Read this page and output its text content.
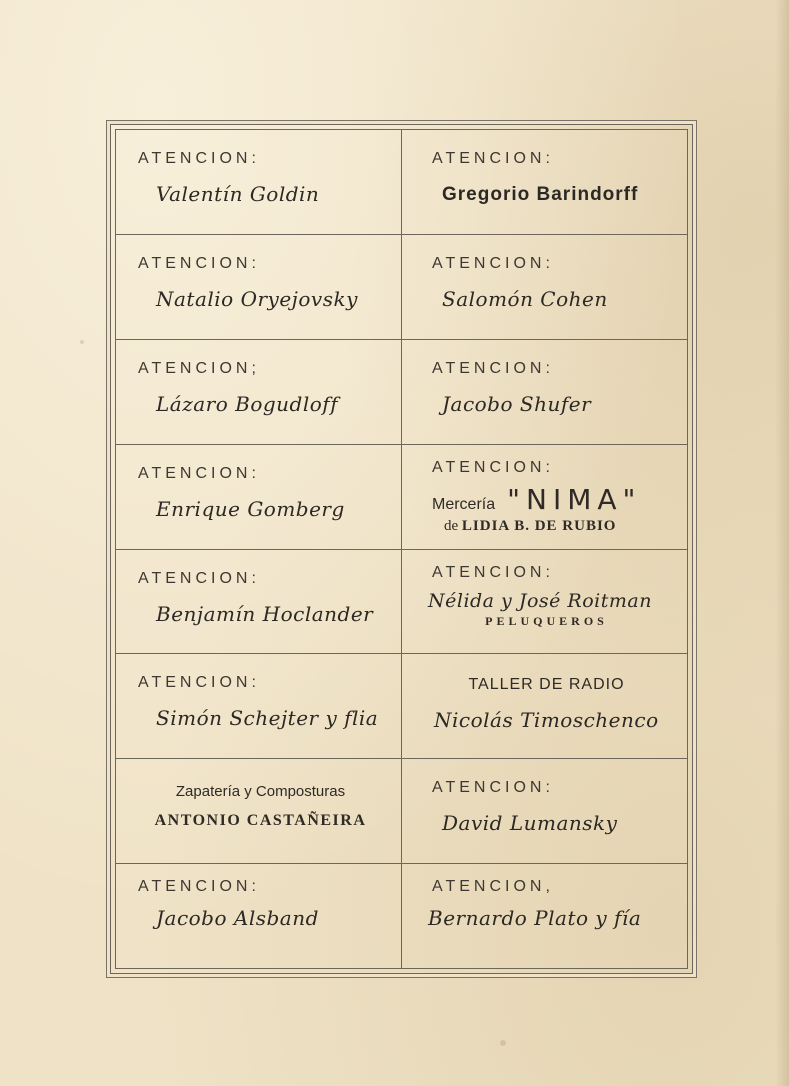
ATENCION:
Valentín Goldin
ATENCION:
Gregorio Barindorff
ATENCION:
Natalio Oryejovsky
ATENCION:
Salomón Cohen
ATENCION;
Lázaro Bogudloff
ATENCION:
Jacobo Shufer
ATENCION:
Enrique Gomberg
ATENCION:
Mercería "NIMA"
de LIDIA B. DE RUBIO
ATENCION:
Benjamín Hoclander
ATENCION:
Nélida y José Roitman
PELUQUEROS
ATENCION:
Simón Schejter y flia
TALLER DE RADIO
Nicolás Timoschenco
Zapatería y Composturas
ANTONIO CASTAÑEIRA
ATENCION:
David Lumansky
ATENCION:
Jacobo Alsband
ATENCION,
Bernardo Plato y fía
